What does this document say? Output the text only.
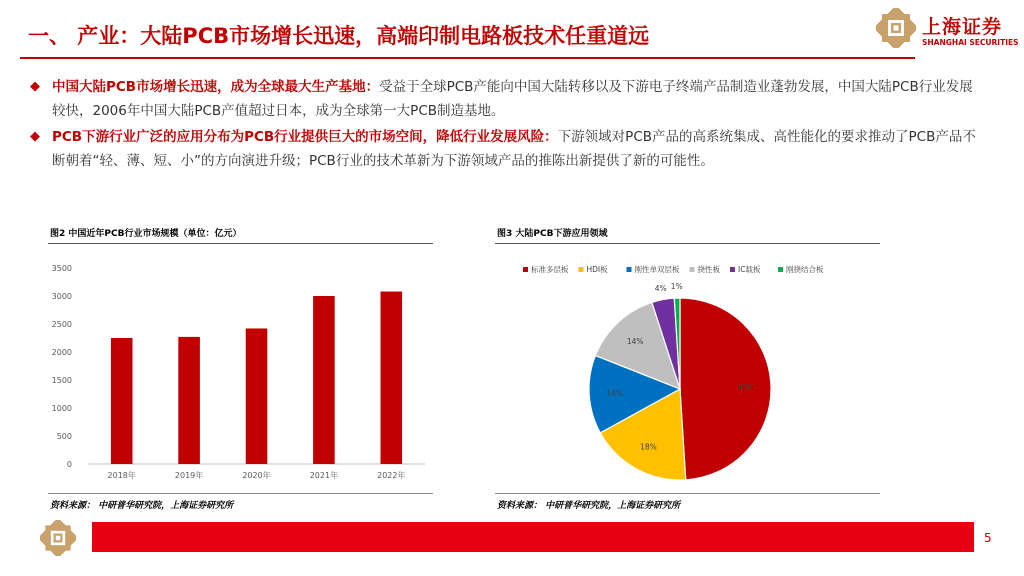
一、 产业：大陆PCB市场增长迅速，高端印制电路板技术任重道远	上海证券
SHANGHAI SECURITIES
◆ 中国大陆PCB市场增长迅速，成为全球最大生产基地：受益于全球PCB产能向中国大陆转移以及下游电子终端产品制造业蓬勃发展，中国大陆PCB行业发展较快，2006年中国大陆PCB产值超过日本，成为全球第一大PCB制造基地。
◆ PCB下游行业广泛的应用分布为PCB行业提供巨大的市场空间，降低行业发展风险：下游领域对PCB产品的高系统集成、高性能化的要求推动了PCB产品不断朝着“轻、薄、短、小”的方向演进升级；PCB行业的技术革新为下游领域产品的推陈出新提供了新的可能性。
图2 中国近年PCB行业市场规模（单位：亿元）
0
500
1000
1500
2000
2500
3000
3500
2018年	2019年	2020年	2021年	2022年
资料来源： 中研普华研究院，上海证券研究所
图3 大陆PCB下游应用领域
标准多层板 HDI板	刚性单双层板 挠性板 IC载板	刚挠结合板
49%
18%
14%
14%
4% 1%
资料来源： 中研普华研究院，上海证券研究所
5
